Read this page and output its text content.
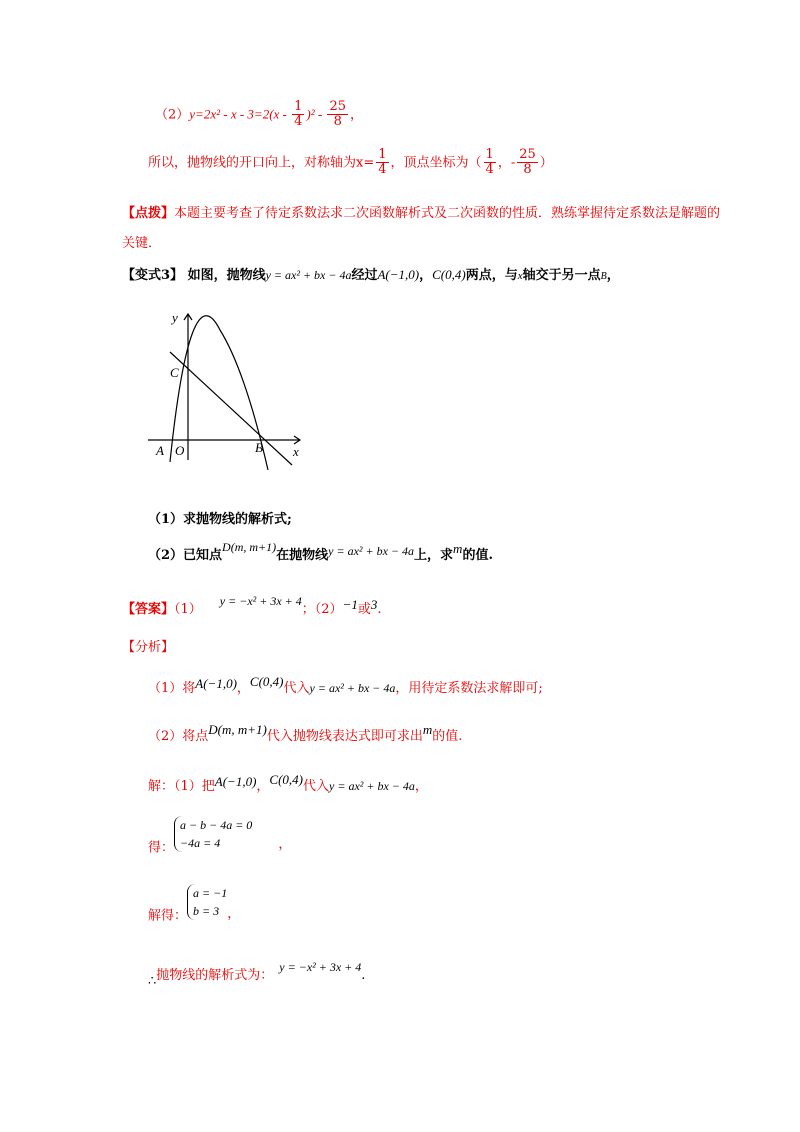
$(2)y=2x^2 - x - 3=2(x - \frac{1}{4} )^2 - \frac{25}{8}$ ，
所以，抛物线的开口向上，对称轴为$x= \frac{1}{4}$ ，顶点坐标为（ $\frac{1}{4}$ ，- $\frac{25}{8}$ ）
【点拨】本题主要考查了待定系数法求二次函数解析式及二次函数的性质．熟练掌握待定系数法是解题的
关键．
【变式3】 如图，抛物线y = ax² + bx − 4a经过A(−1,0)，C(0,4)两点，与x轴交于另一点B，
y
C
A O	B x
（1）求抛物线的解析式;
（2）已知点D(m, m+1)在抛物线y = ax² + bx − 4a上，求m的值.
【答案】（1）y = −x² + 3x + 4；（2）−1或3.
【分析】
（1）将A(−1,0)，C(0,4)代入y = ax² + bx − 4a，用待定系数法求解即可;
（2）将点D(m, m+1)代入抛物线表达式即可求出m的值.
解：（1）把A(−1,0)，C(0,4)代入y = ax² + bx − 4a，
得：
a − b − 4a = 0
−4a = 4	，
解得：
a = −1
b = 3 ，
∴抛物线的解析式为：y = −x² + 3x + 4.
